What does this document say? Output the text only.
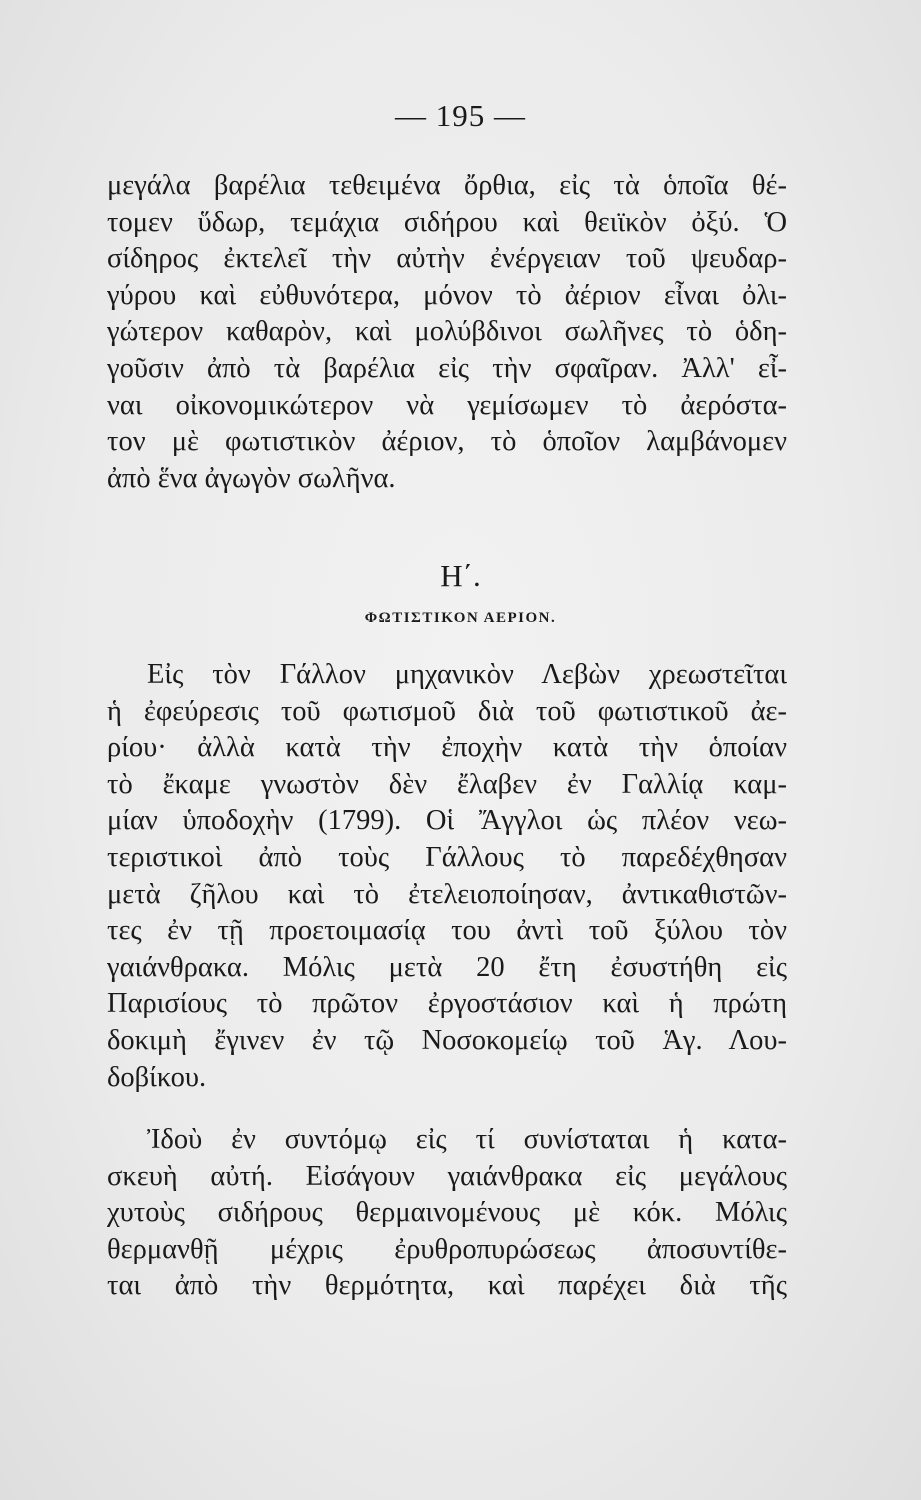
— 195 —
μεγάλα βαρέλια τεθειμένα ὄρθια, εἰς τὰ ὁποῖα θέ-
τομεν ὕδωρ, τεμάχια σιδήρου καὶ θειϊκὸν ὀξύ. Ὁ
σίδηρος ἐκτελεῖ τὴν αὐτὴν ἐνέργειαν τοῦ ψευδαρ-
γύρου καὶ εὐθυνότερα, μόνον τὸ ἀέριον εἶναι ὀλι-
γώτερον καθαρὸν, καὶ μολύβδινοι σωλῆνες τὸ ὁδη-
γοῦσιν ἀπὸ τὰ βαρέλια εἰς τὴν σφαῖραν. Ἀλλ' εἶ-
ναι οἰκονομικώτερον νὰ γεμίσωμεν τὸ ἀερόστα-
τον μὲ φωτιστικὸν ἀέριον, τὸ ὁποῖον λαμβάνομεν
ἀπὸ ἕνα ἀγωγὸν σωλῆνα.
Η΄.
ΦΩΤΙΣΤΙΚΟΝ ΑΕΡΙΟΝ.
Εἰς τὸν Γάλλον μηχανικὸν Λεβὼν χρεωστεῖται
ἡ ἐφεύρεσις τοῦ φωτισμοῦ διὰ τοῦ φωτιστικοῦ ἀε-
ρίου· ἀλλὰ κατὰ τὴν ἐποχὴν κατὰ τὴν ὁποίαν
τὸ ἔκαμε γνωστὸν δὲν ἔλαβεν ἐν Γαλλίᾳ καμ-
μίαν ὑποδοχὴν (1799). Οἱ Ἄγγλοι ὡς πλέον νεω-
τεριστικοὶ ἀπὸ τοὺς Γάλλους τὸ παρεδέχθησαν
μετὰ ζῆλου καὶ τὸ ἐτελειοποίησαν, ἀντικαθιστῶν-
τες ἐν τῇ προετοιμασίᾳ του ἀντὶ τοῦ ξύλου τὸν
γαιάνθρακα. Μόλις μετὰ 20 ἔτη ἐσυστήθη εἰς
Παρισίους τὸ πρῶτον ἐργοστάσιον καὶ ἡ πρώτη
δοκιμὴ ἔγινεν ἐν τῷ Νοσοκομείῳ τοῦ Ἁγ. Λου-
δοβίκου.
Ἰδοὺ ἐν συντόμῳ εἰς τί συνίσταται ἡ κατα-
σκευὴ αὐτή. Εἰσάγουν γαιάνθρακα εἰς μεγάλους
χυτοὺς σιδήρους θερμαινομένους μὲ κόκ. Μόλις
θερμανθῇ μέχρις ἐρυθροπυρώσεως ἀποσυντίθε-
ται ἀπὸ τὴν θερμότητα, καὶ παρέχει διὰ τῆς
